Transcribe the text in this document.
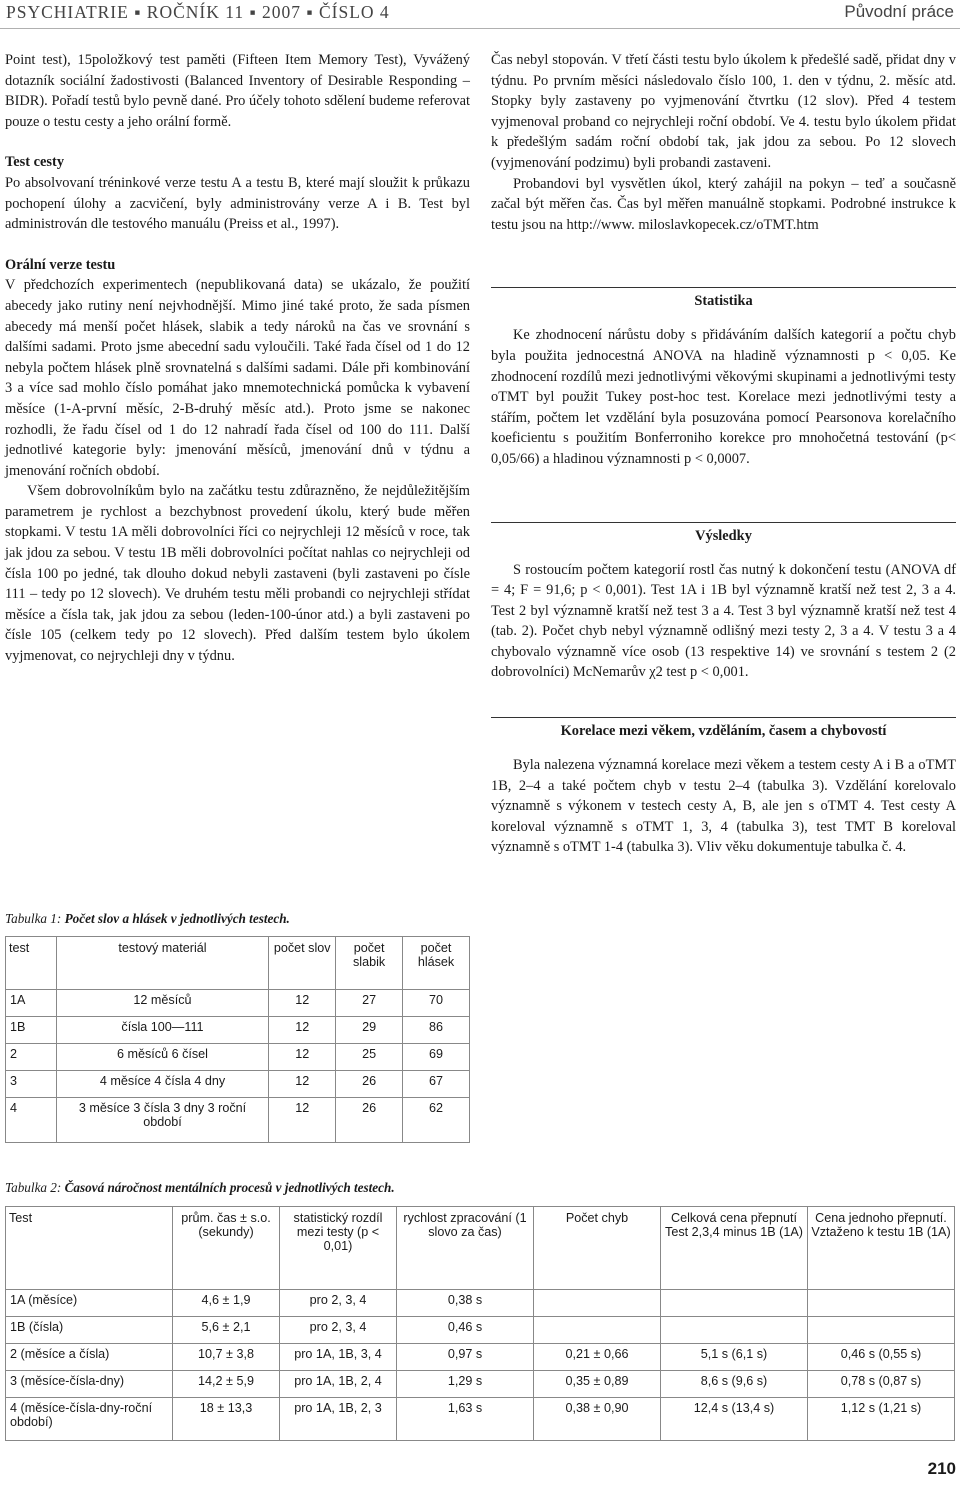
PSYCHIATRIE ▪ ROČNÍK 11 ▪ 2007 ▪ ČÍSLO 4	Původní práce

Point test), 15položkový test paměti (Fifteen Item Memory Test), Vyvážený dotazník sociální žadostivosti (Balanced Inventory of Desirable Responding – BIDR). Pořadí testů bylo pevně dané. Pro účely tohoto sdělení budeme referovat pouze o testu cesty a jeho orální formě.

Test cesty

Po absolvovaní tréninkové verze testu A a testu B, které mají sloužit k průkazu pochopení úlohy a zacvičení, byly administrovány verze A i B. Test byl administrován dle testového manuálu (Preiss et al., 1997).

Orální verze testu

V předchozích experimentech (nepublikovaná data) se ukázalo, že použití abecedy jako rutiny není nejvhodnější. Mimo jiné také proto, že sada písmen abecedy má menší počet hlásek, slabik a tedy nároků na čas ve srovnání s dalšími sadami. Proto jsme abecední sadu vyloučili. Také řada čísel od 1 do 12 nebyla počtem hlásek plně srovnatelná s dalšími sadami. Dále při kombinování 3 a více sad mohlo číslo pomáhat jako mnemotechnická pomůcka k vybavení měsíce (1-A-první měsíc, 2-B-druhý měsíc atd.). Proto jsme se nakonec rozhodli, že řadu čísel od 1 do 12 nahradí řada čísel od 100 do 111. Další jednotlivé kategorie byly: jmenování měsíců, jmenování dnů v týdnu a jmenování ročních období.

Všem dobrovolníkům bylo na začátku testu zdůrazněno, že nejdůležitějším parametrem je rychlost a bezchybnost provedení úkolu, který bude měřen stopkami. V testu 1A měli dobrovolníci říci co nejrychleji 12 měsíců v roce, tak jak jdou za sebou. V testu 1B měli dobrovolníci počítat nahlas co nejrychleji od čísla 100 po jedné, tak dlouho dokud nebyli zastaveni (byli zastaveni po čísle 111 – tedy po 12 slovech). Ve druhém testu měli probandi co nejrychleji střídat měsíce a čísla tak, jak jdou za sebou (leden-100-únor atd.) a byli zastaveni po čísle 105 (celkem tedy po 12 slovech). Před dalším testem bylo úkolem vyjmenovat, co nejrychleji dny v týdnu.

Čas nebyl stopován. V třetí části testu bylo úkolem k předešlé sadě, přidat dny v týdnu. Po prvním měsíci následovalo číslo 100, 1. den v týdnu, 2. měsíc atd. Stopky byly zastaveny po vyjmenování čtvrtku (12 slov). Před 4 testem vyjmenoval proband co nejrychleji roční období. Ve 4. testu bylo úkolem přidat k předešlým sadám roční období tak, jak jdou za sebou. Po 12 slovech (vyjmenování podzimu) byli probandi zastaveni.

Probandovi byl vysvětlen úkol, který zahájil na pokyn – teď a současně začal být měřen čas. Čas byl měřen manuálně stopkami. Podrobné instrukce k testu jsou na http://www. miloslavkopecek.cz/oTMT.htm

Statistika

Ke zhodnocení nárůstu doby s přidáváním dalších kategorií a počtu chyb byla použita jednocestná ANOVA na hladině významnosti p < 0,05. Ke zhodnocení rozdílů mezi jednotlivými věkovými skupinami a jednotlivými testy oTMT byl použit Tukey post-hoc test. Korelace mezi jednotlivými testy a stářím, počtem let vzdělání byla posuzována pomocí Pearsonova korelačního koeficientu s použitím Bonferroniho korekce pro mnohočetná testování (p< 0,05/66) a hladinou významnosti p < 0,0007.

Výsledky

S rostoucím počtem kategorií rostl čas nutný k dokončení testu (ANOVA df = 4; F = 91,6; p < 0,001). Test 1A i 1B byl významně kratší než test 2, 3 a 4. Test 2 byl významně kratší než test 3 a 4. Test 3 byl významně kratší než test 4 (tab. 2). Počet chyb nebyl významně odlišný mezi testy 2, 3 a 4. V testu 3 a 4 chybovalo významně více osob (13 respektive 14) ve srovnání s testem 2 (2 dobrovolníci) McNemarův χ2 test p < 0,001.

Korelace mezi věkem, vzděláním, časem a chybovostí

Byla nalezena významná korelace mezi věkem a testem cesty A i B a oTMT 1B, 2–4 a také počtem chyb v testu 2–4 (tabulka 3). Vzdělání korelovalo významně s výkonem v testech cesty A, B, ale jen s oTMT 4. Test cesty A koreloval významně s oTMT 1, 3, 4 (tabulka 3), test TMT B koreloval významně s oTMT 1-4 (tabulka 3). Vliv věku dokumentuje tabulka č. 4.

Tabulka 1: Počet slov a hlásek v jednotlivých testech.
test	testový materiál	počet slov	počet slabik	počet hlásek
1A	12 měsíců	12	27	70
1B	čísla 100—111	12	29	86
2	6 měsíců 6 čísel	12	25	69
3	4 měsíce 4 čísla 4 dny	12	26	67
4	3 měsíce 3 čísla 3 dny 3 roční období	12	26	62
Tabulka 2: Časová náročnost mentálních procesů v jednotlivých testech.
Test	prům. čas ± s.o. (sekundy)	statistický rozdíl mezi testy (p < 0,01)	rychlost zpracování (1 slovo za čas)	Počet chyb	Celková cena přepnutí Test 2,3,4 minus 1B (1A)	Cena jednoho přepnutí. Vztaženo k testu 1B (1A)
1A (měsíce)	4,6 ± 1,9	pro 2, 3, 4	0,38 s			
1B (čísla)	5,6 ± 2,1	pro 2, 3, 4	0,46 s			
2 (měsíce a čísla)	10,7 ± 3,8	pro 1A, 1B, 3, 4	0,97 s	0,21 ± 0,66	5,1 s (6,1 s)	0,46 s (0,55 s)
3 (měsíce-čísla-dny)	14,2 ± 5,9	pro 1A, 1B, 2, 4	1,29 s	0,35 ± 0,89	8,6 s (9,6 s)	0,78 s (0,87 s)
4 (měsíce-čísla-dny-roční období)	18 ± 13,3	pro 1A, 1B, 2, 3	1,63 s	0,38 ± 0,90	12,4 s (13,4 s)	1,12 s (1,21 s)
210
